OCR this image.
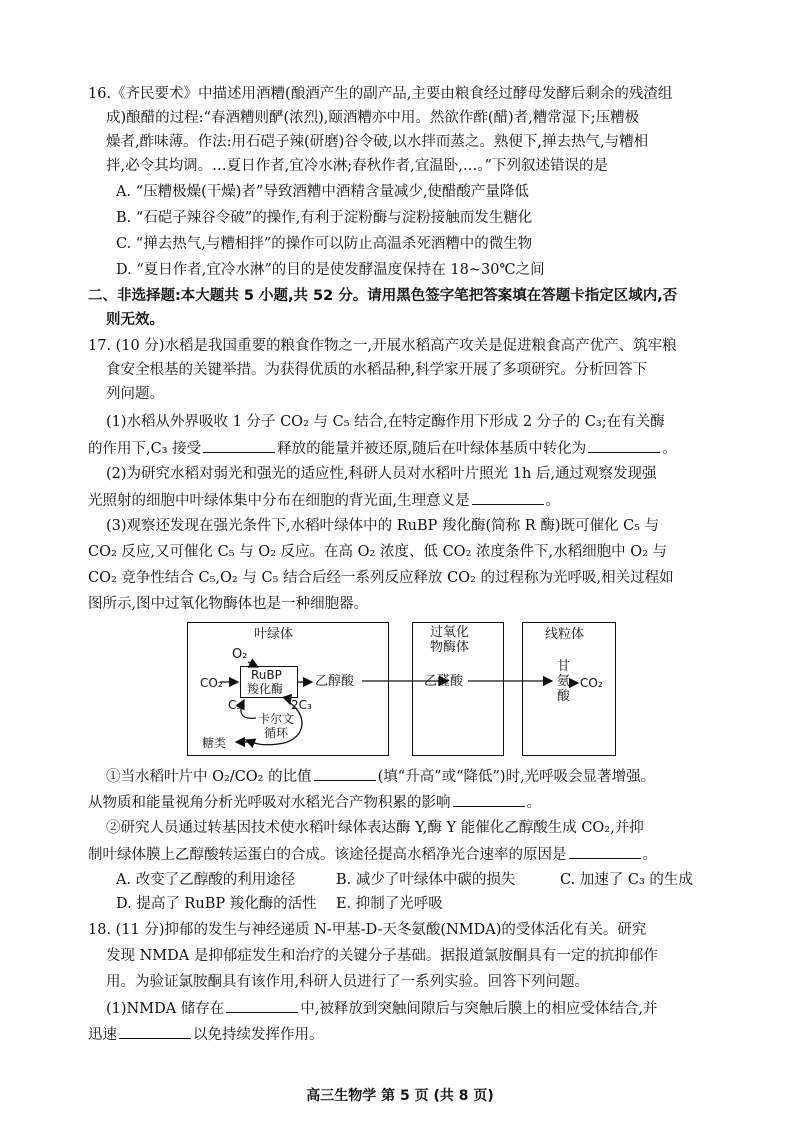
16.《齐民要术》中描述用酒糟(酿酒产生的副产品,主要由粮食经过酵母发酵后剩余的残渣组
成)酿醋的过程:“春酒糟则酽(浓烈),颐酒糟亦中用。然欲作酢(醋)者,糟常湿下;压糟极
燥者,酢味薄。作法:用石硙子辣(研磨)谷令破,以水拌而蒸之。熟便下,掸去热气,与糟相
拌,必令其均调。…夏日作者,宜冷水淋;春秋作者,宜温卧,…。”下列叙述错误的是
A. “压糟极燥(干燥)者”导致酒糟中酒精含量减少,使醋酸产量降低
B. “石硙子辣谷令破”的操作,有利于淀粉酶与淀粉接触而发生糖化
C. “掸去热气,与糟相拌”的操作可以防止高温杀死酒糟中的微生物
D. “夏日作者,宜冷水淋”的目的是使发酵温度保持在 18~30℃之间
二、非选择题:本大题共 5 小题,共 52 分。请用黑色签字笔把答案填在答题卡指定区域内,否
则无效。
17. (10 分)水稻是我国重要的粮食作物之一,开展水稻高产攻关是促进粮食高产优产、筑牢粮
食安全根基的关键举措。为获得优质的水稻品种,科学家开展了多项研究。分析回答下
列问题。
(1)水稻从外界吸收 1 分子 CO₂ 与 C₅ 结合,在特定酶作用下形成 2 分子的 C₃;在有关酶
的作用下,C₃ 接受	释放的能量并被还原,随后在叶绿体基质中转化为	。
(2)为研究水稻对弱光和强光的适应性,科研人员对水稻叶片照光 1h 后,通过观察发现强
光照射的细胞中叶绿体集中分布在细胞的背光面,生理意义是	。
(3)观察还发现在强光条件下,水稻叶绿体中的 RuBP 羧化酶(简称 R 酶)既可催化 C₅ 与
CO₂ 反应,又可催化 C₅ 与 O₂ 反应。在高 O₂ 浓度、低 CO₂ 浓度条件下,水稻细胞中 O₂ 与
CO₂ 竞争性结合 C₅,O₂ 与 C₅ 结合后经一系列反应释放 CO₂ 的过程称为光呼吸,相关过程如
图所示,图中过氧化物酶体也是一种细胞器。
叶绿体	过氧化
物酶体
线粒体
O₂
CO₂
RuBP
羧化酶
C₅	2C₃
卡尔文
循环
糖类
乙醇酸	乙醛酸
甘
氨
酸
CO₂
①当水稻叶片中 O₂/CO₂ 的比值	(填“升高”或“降低”)时,光呼吸会显著增强。
从物质和能量视角分析光呼吸对水稻光合产物积累的影响	。
②研究人员通过转基因技术使水稻叶绿体表达酶 Y,酶 Y 能催化乙醇酸生成 CO₂,并抑
制叶绿体膜上乙醇酸转运蛋白的合成。该途径提高水稻净光合速率的原因是	。
A. 改变了乙醇酸的利用途径	B. 减少了叶绿体中碳的损失	C. 加速了 C₃ 的生成
D. 提高了 RuBP 羧化酶的活性	E. 抑制了光呼吸
18. (11 分)抑郁的发生与神经递质 N-甲基-D-天冬氨酸(NMDA)的受体活化有关。研究
发现 NMDA 是抑郁症发生和治疗的关键分子基础。据报道氯胺酮具有一定的抗抑郁作
用。为验证氯胺酮具有该作用,科研人员进行了一系列实验。回答下列问题。
(1)NMDA 储存在	中,被释放到突触间隙后与突触后膜上的相应受体结合,并
迅速	以免持续发挥作用。
高三生物学 第 5 页 (共 8 页)
